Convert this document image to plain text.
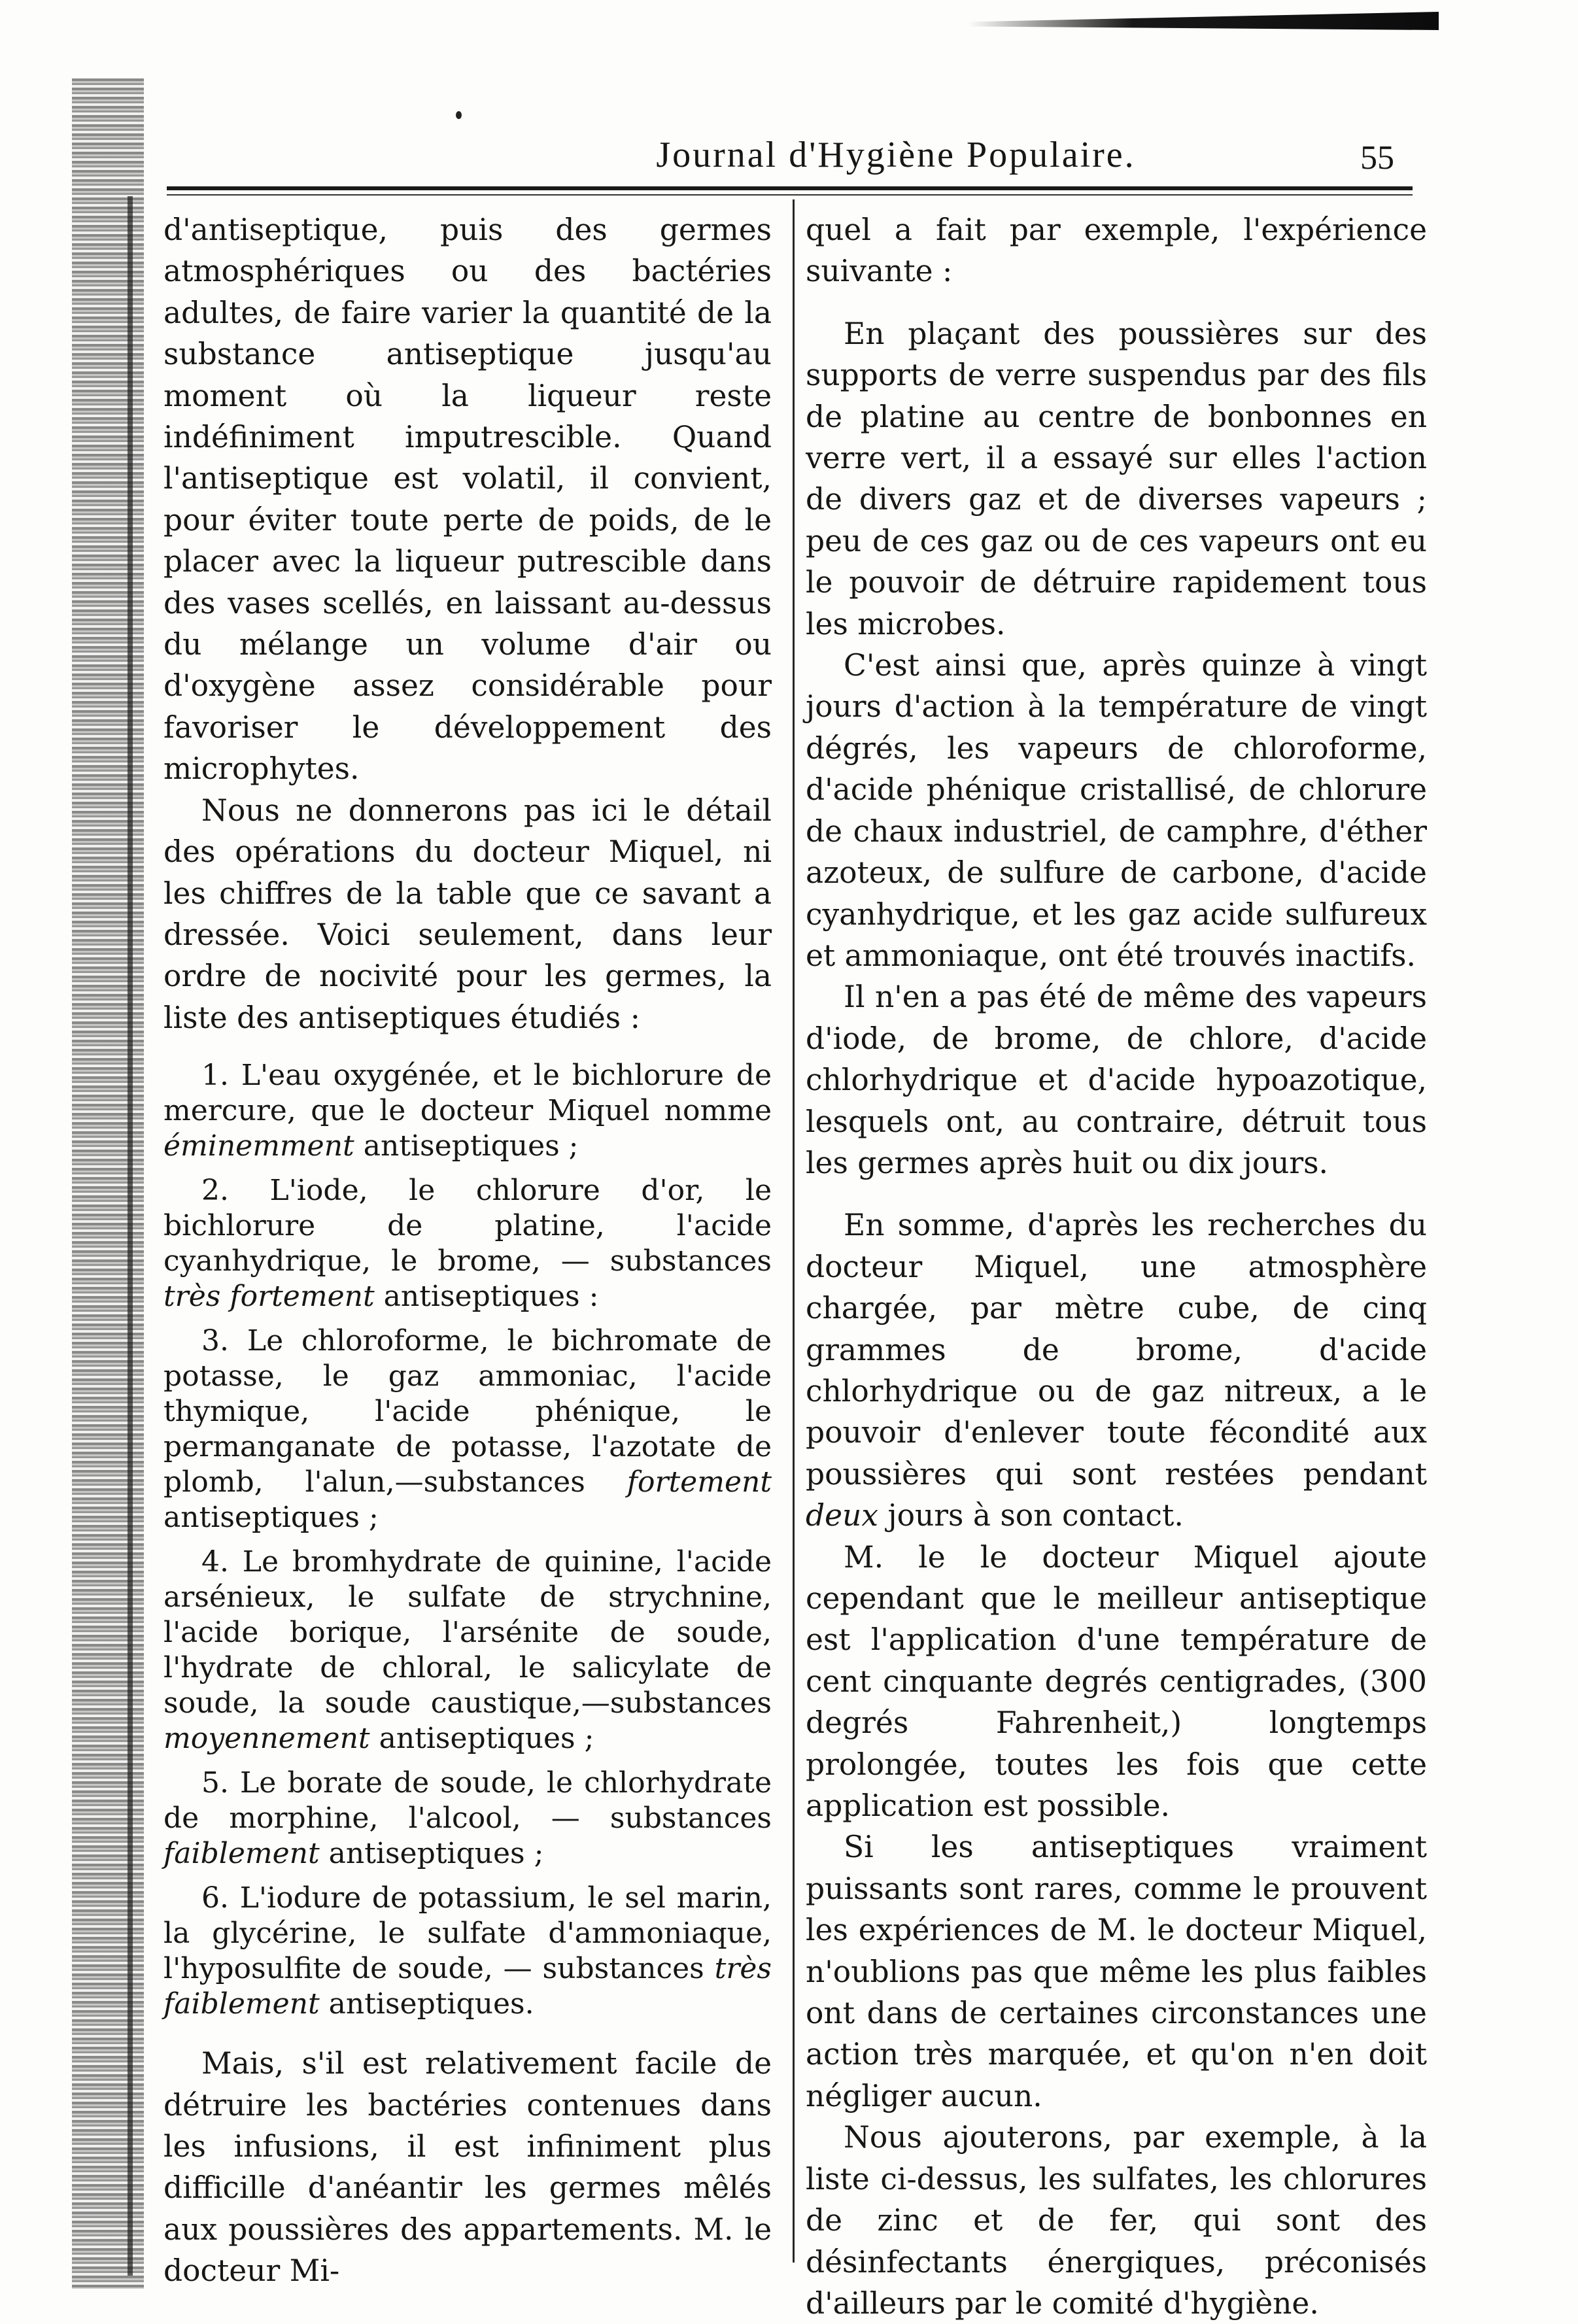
Journal d'Hygiène Populaire.	55

d'antiseptique, puis des germes atmosphériques ou des bactéries adultes, de faire varier la quantité de la substance antiseptique jusqu'au moment où la liqueur reste indéfiniment imputrescible. Quand l'antiseptique est volatil, il convient, pour éviter toute perte de poids, de le placer avec la liqueur putrescible dans des vases scellés, en laissant au-dessus du mélange un volume d'air ou d'oxygène assez considérable pour favoriser le développement des microphytes.

Nous ne donnerons pas ici le détail des opérations du docteur Miquel, ni les chiffres de la table que ce savant a dressée. Voici seulement, dans leur ordre de nocivité pour les germes, la liste des antiseptiques étudiés :

1. L'eau oxygénée, et le bichlorure de mercure, que le docteur Miquel nomme éminemment antiseptiques ;

2. L'iode, le chlorure d'or, le bichlorure de platine, l'acide cyanhydrique, le brome, — substances très fortement antiseptiques :

3. Le chloroforme, le bichromate de potasse, le gaz ammoniac, l'acide thymique, l'acide phénique, le permanganate de potasse, l'azotate de plomb, l'alun,—substances fortement antiseptiques ;

4. Le bromhydrate de quinine, l'acide arsénieux, le sulfate de strychnine, l'acide borique, l'arsénite de soude, l'hydrate de chloral, le salicylate de soude, la soude caustique,—substances moyennement antiseptiques ;

5. Le borate de soude, le chlorhydrate de morphine, l'alcool, — substances faiblement antiseptiques ;

6. L'iodure de potassium, le sel marin, la glycérine, le sulfate d'ammoniaque, l'hyposulfite de soude, — substances très faiblement antiseptiques.

Mais, s'il est relativement facile de détruire les bactéries contenues dans les infusions, il est infiniment plus difficille d'anéantir les germes mêlés aux poussières des appartements. M. le docteur Mi-

quel a fait par exemple, l'expérience suivante :

En plaçant des poussières sur des supports de verre suspendus par des fils de platine au centre de bonbonnes en verre vert, il a essayé sur elles l'action de divers gaz et de diverses vapeurs ; peu de ces gaz ou de ces vapeurs ont eu le pouvoir de détruire rapidement tous les microbes.

C'est ainsi que, après quinze à vingt jours d'action à la température de vingt dégrés, les vapeurs de chloroforme, d'acide phénique cristallisé, de chlorure de chaux industriel, de camphre, d'éther azoteux, de sulfure de carbone, d'acide cyanhydrique, et les gaz acide sulfureux et ammoniaque, ont été trouvés inactifs.

Il n'en a pas été de même des vapeurs d'iode, de brome, de chlore, d'acide chlorhydrique et d'acide hypoazotique, lesquels ont, au contraire, détruit tous les germes après huit ou dix jours.

En somme, d'après les recherches du docteur Miquel, une atmosphère chargée, par mètre cube, de cinq grammes de brome, d'acide chlorhydrique ou de gaz nitreux, a le pouvoir d'enlever toute fécondité aux poussières qui sont restées pendant deux jours à son contact.

M. le le docteur Miquel ajoute cependant que le meilleur antiseptique est l'application d'une température de cent cinquante degrés centigrades, (300 degrés Fahrenheit,) longtemps prolongée, toutes les fois que cette application est possible.

Si les antiseptiques vraiment puissants sont rares, comme le prouvent les expériences de M. le docteur Miquel, n'oublions pas que même les plus faibles ont dans de certaines circonstances une action très marquée, et qu'on n'en doit négliger aucun.

Nous ajouterons, par exemple, à la liste ci-dessus, les sulfates, les chlorures de zinc et de fer, qui sont des désinfectants énergiques, préconisés d'ailleurs par le comité d'hygiène.
